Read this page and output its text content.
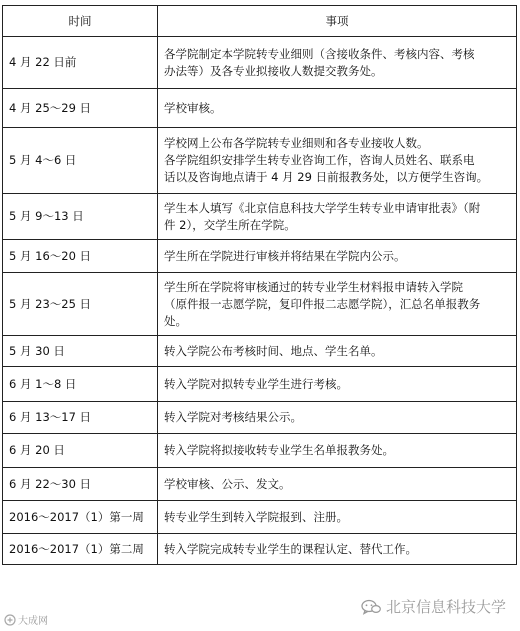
时间	事项
4 月 22 日前	各学院制定本学院转专业细则（含接收条件、考核内容、考核
办法等）及各专业拟接收人数提交教务处。

4 月 25～29 日	学校审核。

5 月 4～6 日	学校网上公布各学院转专业细则和各专业接收人数。
各学院组织安排学生转专业咨询工作，咨询人员姓名、联系电
话以及咨询地点请于 4 月 29 日前报教务处，以方便学生咨询。

5 月 9～13 日	学生本人填写《北京信息科技大学学生转专业申请审批表》（附
件 2），交学生所在学院。

5 月 16～20 日	学生所在学院进行审核并将结果在学院内公示。

5 月 23～25 日	学生所在学院将审核通过的转专业学生材料报申请转入学院
（原件报一志愿学院，复印件报二志愿学院），汇总名单报教务
处。

5 月 30 日	转入学院公布考核时间、地点、学生名单。

6 月 1～8 日	转入学院对拟转专业学生进行考核。

6 月 13～17 日	转入学院对考核结果公示。

6 月 20 日	转入学院将拟接收转专业学生名单报教务处。

6 月 22～30 日	学校审核、公示、发文。

2016～2017（1）第一周	转专业学生到转入学院报到、注册。

2016～2017（1）第二周	转入学院完成转专业学生的课程认定、替代工作。
大成网
北京信息科技大学
